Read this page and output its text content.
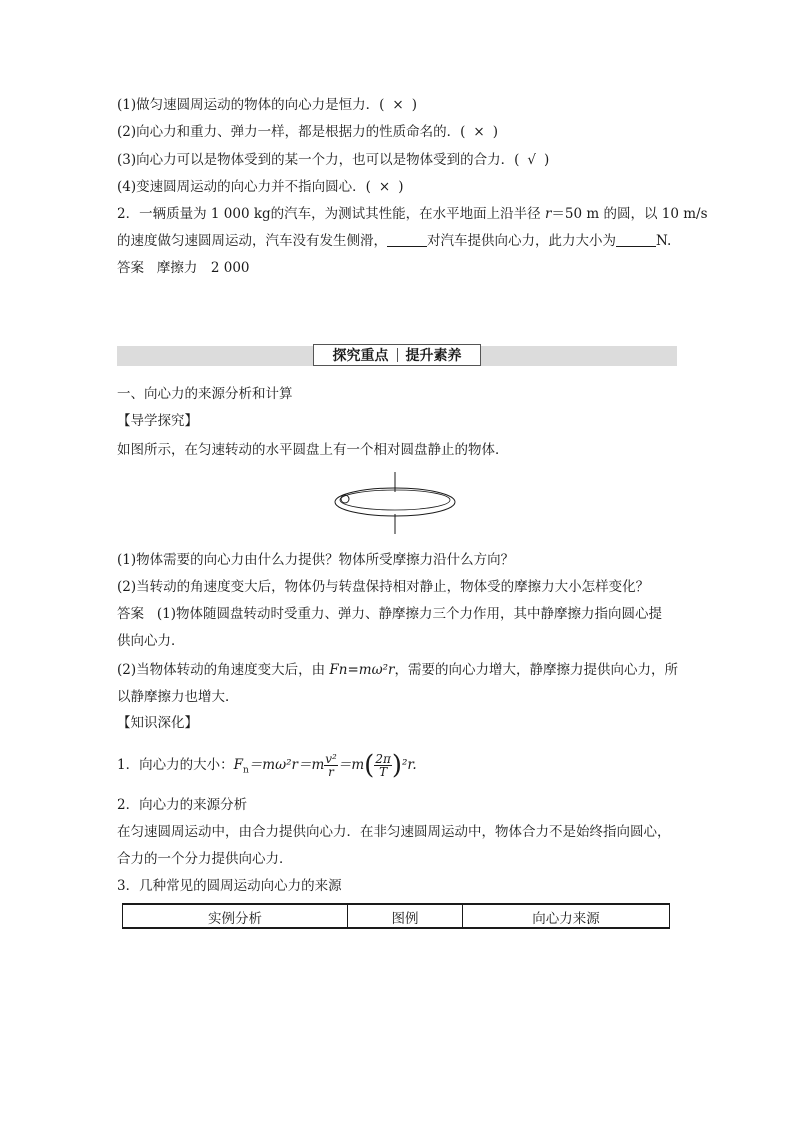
(1)做匀速圆周运动的物体的向心力是恒力．( × )
(2)向心力和重力、弹力一样，都是根据力的性质命名的．( × )
(3)向心力可以是物体受到的某一个力，也可以是物体受到的合力．( √ )
(4)变速圆周运动的向心力并不指向圆心．( × )
2．一辆质量为 1 000 kg的汽车，为测试其性能，在水平地面上沿半径 r＝50 m 的圆，以 10 m/s
的速度做匀速圆周运动，汽车没有发生侧滑，	对汽车提供向心力，此力大小为	N.
答案 摩擦力　2 000
探究重点 提升素养
一、向心力的来源分析和计算
【导学探究】
如图所示，在匀速转动的水平圆盘上有一个相对圆盘静止的物体．
(1)物体需要的向心力由什么力提供？物体所受摩擦力沿什么方向？
(2)当转动的角速度变大后，物体仍与转盘保持相对静止，物体受的摩擦力大小怎样变化？
答案 (1)物体随圆盘转动时受重力、弹力、静摩擦力三个力作用，其中静摩擦力指向圆心提
供向心力．
(2)当物体转动的角速度变大后，由 Fn=mω²r，需要的向心力增大，静摩擦力提供向心力，所
以静摩擦力也增大．
【知识深化】
1．向心力的大小：$F_n=m\omega^2r=m \frac{\text{v²}}{r} =m( \frac{2\pi}{T} )^2r$.
2．向心力的来源分析
在匀速圆周运动中，由合力提供向心力．在非匀速圆周运动中，物体合力不是始终指向圆心，
合力的一个分力提供向心力．
3．几种常见的圆周运动向心力的来源
实例分析	图例	向心力来源
